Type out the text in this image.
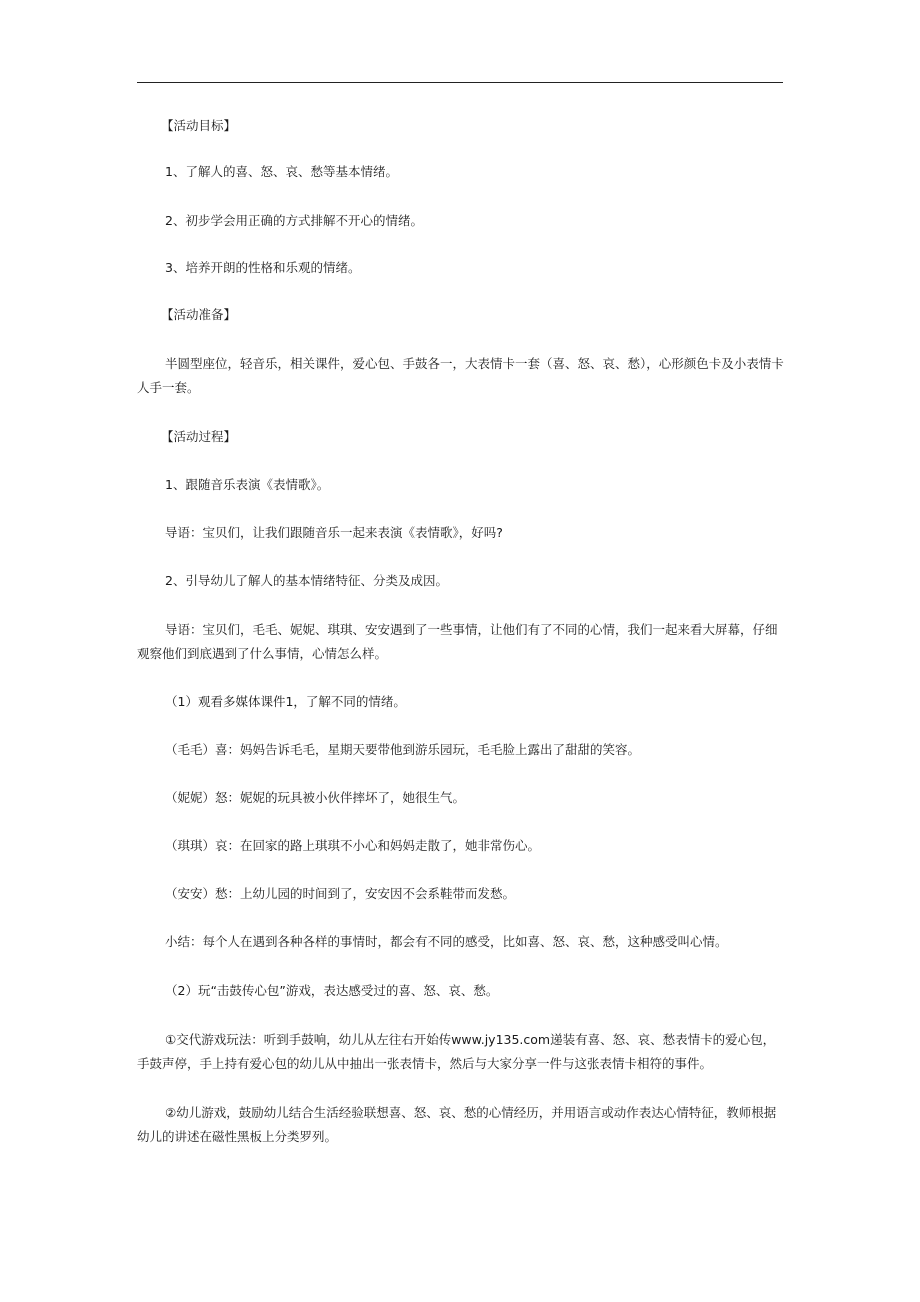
【活动目标】

1、了解人的喜、怒、哀、愁等基本情绪。

2、初步学会用正确的方式排解不开心的情绪。

3、培养开朗的性格和乐观的情绪。

【活动准备】

半圆型座位，轻音乐，相关课件，爱心包、手鼓各一，大表情卡一套（喜、怒、哀、愁），心形颜色卡及小表情卡人手一套。

【活动过程】

1、跟随音乐表演《表情歌》。

导语：宝贝们，让我们跟随音乐一起来表演《表情歌》，好吗?

2、引导幼儿了解人的基本情绪特征、分类及成因。

导语：宝贝们，毛毛、妮妮、琪琪、安安遇到了一些事情，让他们有了不同的心情，我们一起来看大屏幕，仔细观察他们到底遇到了什么事情，心情怎么样。

（1）观看多媒体课件1，了解不同的情绪。

（毛毛）喜：妈妈告诉毛毛，星期天要带他到游乐园玩，毛毛脸上露出了甜甜的笑容。

（妮妮）怒：妮妮的玩具被小伙伴摔坏了，她很生气。

（琪琪）哀：在回家的路上琪琪不小心和妈妈走散了，她非常伤心。

（安安）愁：上幼儿园的时间到了，安安因不会系鞋带而发愁。

小结：每个人在遇到各种各样的事情时，都会有不同的感受，比如喜、怒、哀、愁，这种感受叫心情。

（2）玩“击鼓传心包”游戏，表达感受过的喜、怒、哀、愁。

①交代游戏玩法：听到手鼓响，幼儿从左往右开始传www.jy135.com递装有喜、怒、哀、愁表情卡的爱心包，手鼓声停，手上持有爱心包的幼儿从中抽出一张表情卡，然后与大家分享一件与这张表情卡相符的事件。

②幼儿游戏，鼓励幼儿结合生活经验联想喜、怒、哀、愁的心情经历，并用语言或动作表达心情特征，教师根据幼儿的讲述在磁性黑板上分类罗列。
